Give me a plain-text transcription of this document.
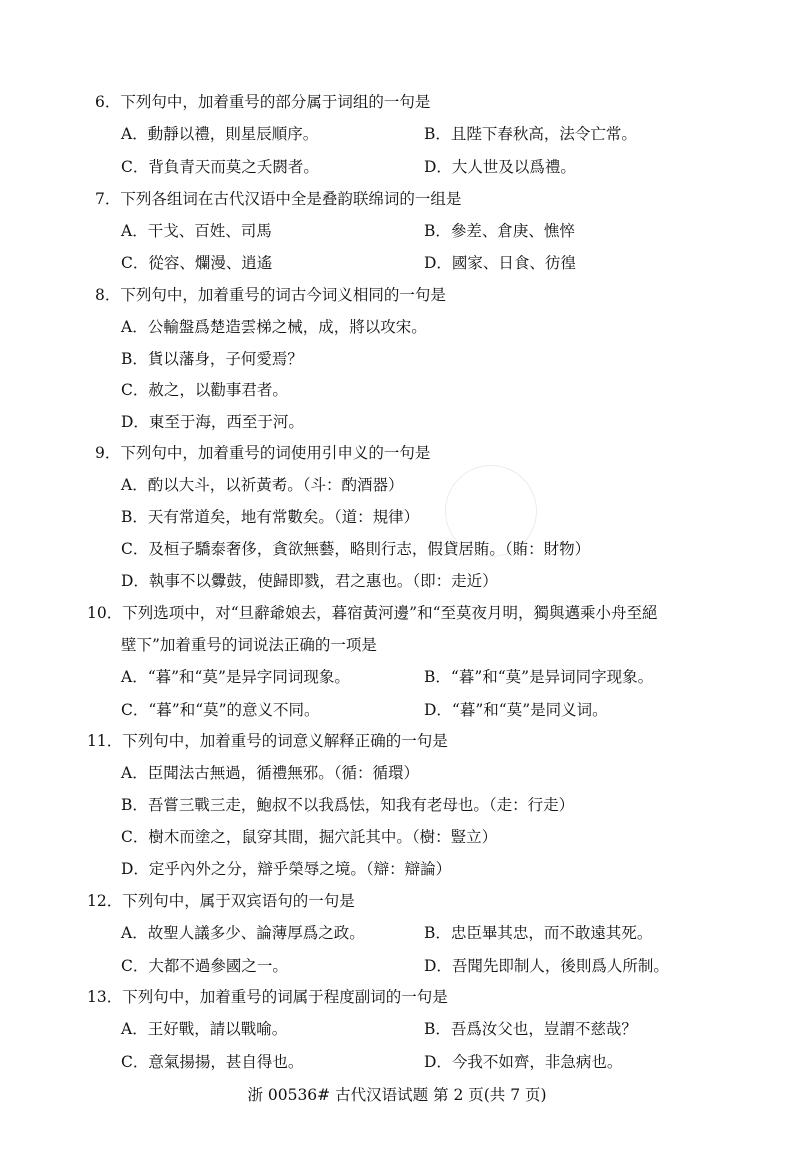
6．下列句中，加着重号的部分属于词组的一句是
A．動靜以禮，則星辰順序。	B．且陛下春秋高，法令亡常。
C．背負青天而莫之夭閼者。	D．大人世及以爲禮。
7．下列各组词在古代汉语中全是叠韵联绵词的一组是
A．干戈、百姓、司馬	B．參差、倉庚、憔悴
C．從容、爛漫、逍遙	D．國家、日食、彷徨
8．下列句中，加着重号的词古今词义相同的一句是
A．公輸盤爲楚造雲梯之械，成，將以攻宋。
B．貨以藩身，子何愛焉？
C．赦之，以勸事君者。
D．東至于海，西至于河。
9．下列句中，加着重号的词使用引申义的一句是
A．酌以大斗，以祈黃耇。（斗：酌酒器）
B．天有常道矣，地有常數矣。（道：規律）
C．及桓子驕泰奢侈，貪欲無藝，略則行志，假貸居賄。（賄：財物）
D．執事不以釁鼓，使歸即戮，君之惠也。（即：走近）
10．下列选项中，对“旦辭爺娘去，暮宿黃河邊”和“至莫夜月明，獨與邁乘小舟至絕
壁下”加着重号的词说法正确的一项是
A．“暮”和“莫”是异字同词现象。	B．“暮”和“莫”是异词同字现象。
C．“暮”和“莫”的意义不同。	D．“暮”和“莫”是同义词。
11．下列句中，加着重号的词意义解释正确的一句是
A．臣聞法古無過，循禮無邪。（循：循環）
B．吾嘗三戰三走，鮑叔不以我爲怯，知我有老母也。（走：行走）
C．樹木而塗之，鼠穿其間，掘穴託其中。（樹：豎立）
D．定乎內外之分，辯乎榮辱之境。（辯：辯論）
12．下列句中，属于双宾语句的一句是
A．故聖人議多少、論薄厚爲之政。	B．忠臣畢其忠，而不敢遠其死。
C．大都不過參國之一。	D．吾聞先即制人，後則爲人所制。
13．下列句中，加着重号的词属于程度副词的一句是
A．王好戰，請以戰喻。	B．吾爲汝父也，豈謂不慈哉？
C．意氣揚揚，甚自得也。	D．今我不如齊，非急病也。
浙 00536# 古代汉语试题 第 2 页(共 7 页)
